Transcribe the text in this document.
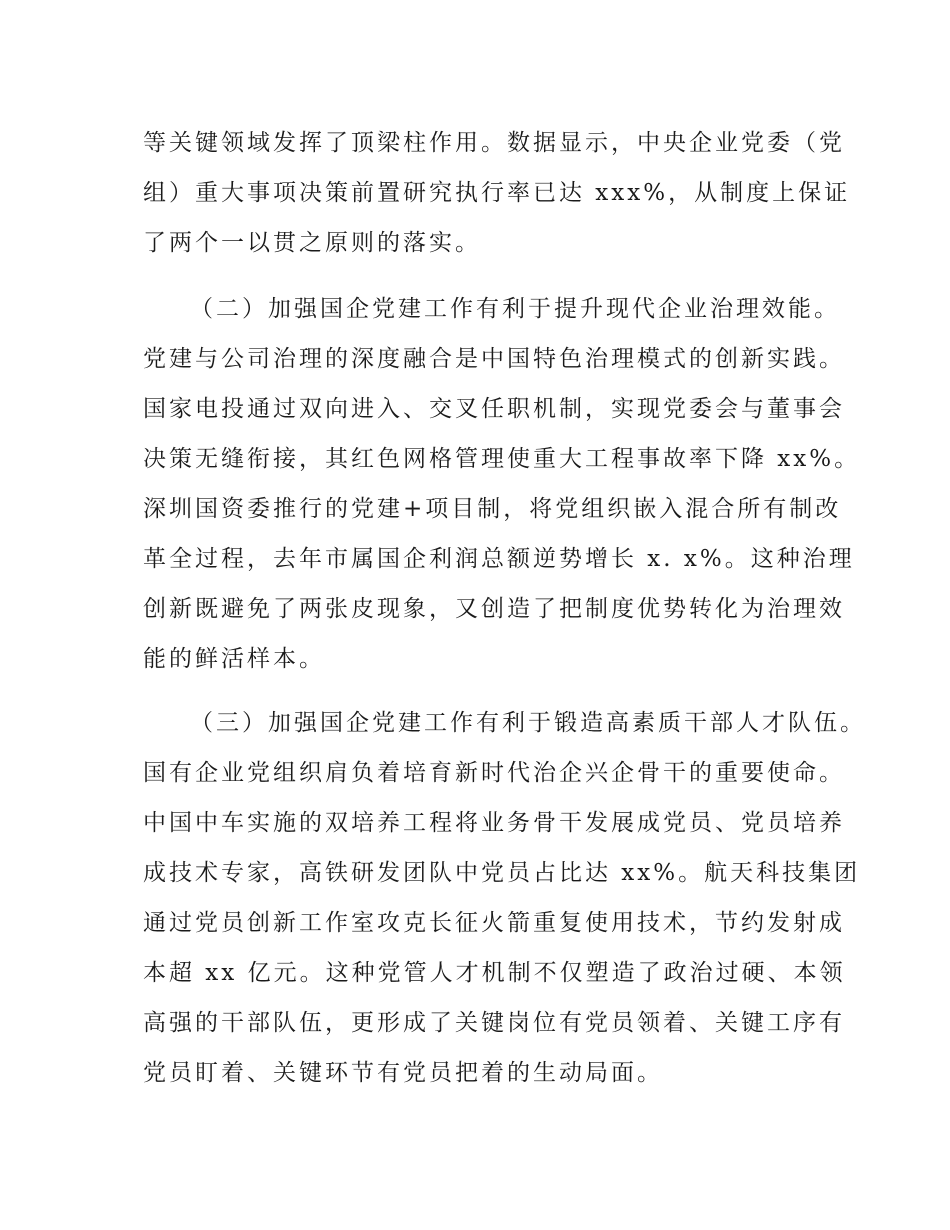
等关键领域发挥了顶梁柱作用。数据显示，中央企业党委（党
组）重大事项决策前置研究执行率已达 xxx%，从制度上保证
了两个一以贯之原则的落实。
（二）加强国企党建工作有利于提升现代企业治理效能。
党建与公司治理的深度融合是中国特色治理模式的创新实践。
国家电投通过双向进入、交叉任职机制，实现党委会与董事会
决策无缝衔接，其红色网格管理使重大工程事故率下降 xx%。
深圳国资委推行的党建+项目制，将党组织嵌入混合所有制改
革全过程，去年市属国企利润总额逆势增长 x. x%。这种治理
创新既避免了两张皮现象，又创造了把制度优势转化为治理效
能的鲜活样本。
（三）加强国企党建工作有利于锻造高素质干部人才队伍。
国有企业党组织肩负着培育新时代治企兴企骨干的重要使命。
中国中车实施的双培养工程将业务骨干发展成党员、党员培养
成技术专家，高铁研发团队中党员占比达 xx%。航天科技集团
通过党员创新工作室攻克长征火箭重复使用技术，节约发射成
本超 xx 亿元。这种党管人才机制不仅塑造了政治过硬、本领
高强的干部队伍，更形成了关键岗位有党员领着、关键工序有
党员盯着、关键环节有党员把着的生动局面。
